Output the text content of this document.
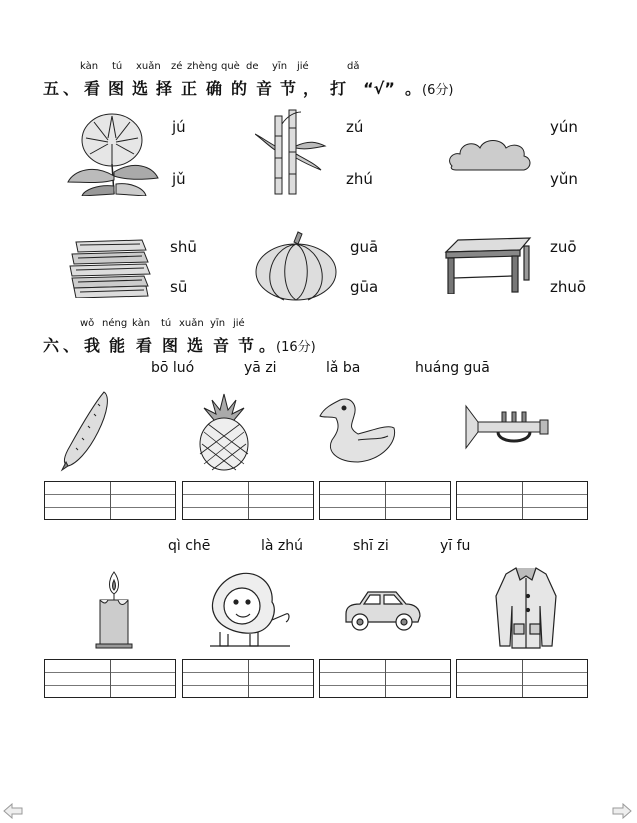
kàn tú xuǎn zé zhèng què de yīn jié	dǎ
五 、 看 图 选 择 正 确 的 音 节 ， 打 “√” 。(6分)
jú
jǔ
zú
zhú
yún
yǔn
shū
sū
guā
gūa
zuō
zhuō
wǒ néng kàn tú xuǎn yīn jié
六 、 我 能 看 图 选 音 节 。(16分)
bō luó	yā zi	lǎ ba	huáng guā
qì chē	là zhú	shī zi	yī fu
